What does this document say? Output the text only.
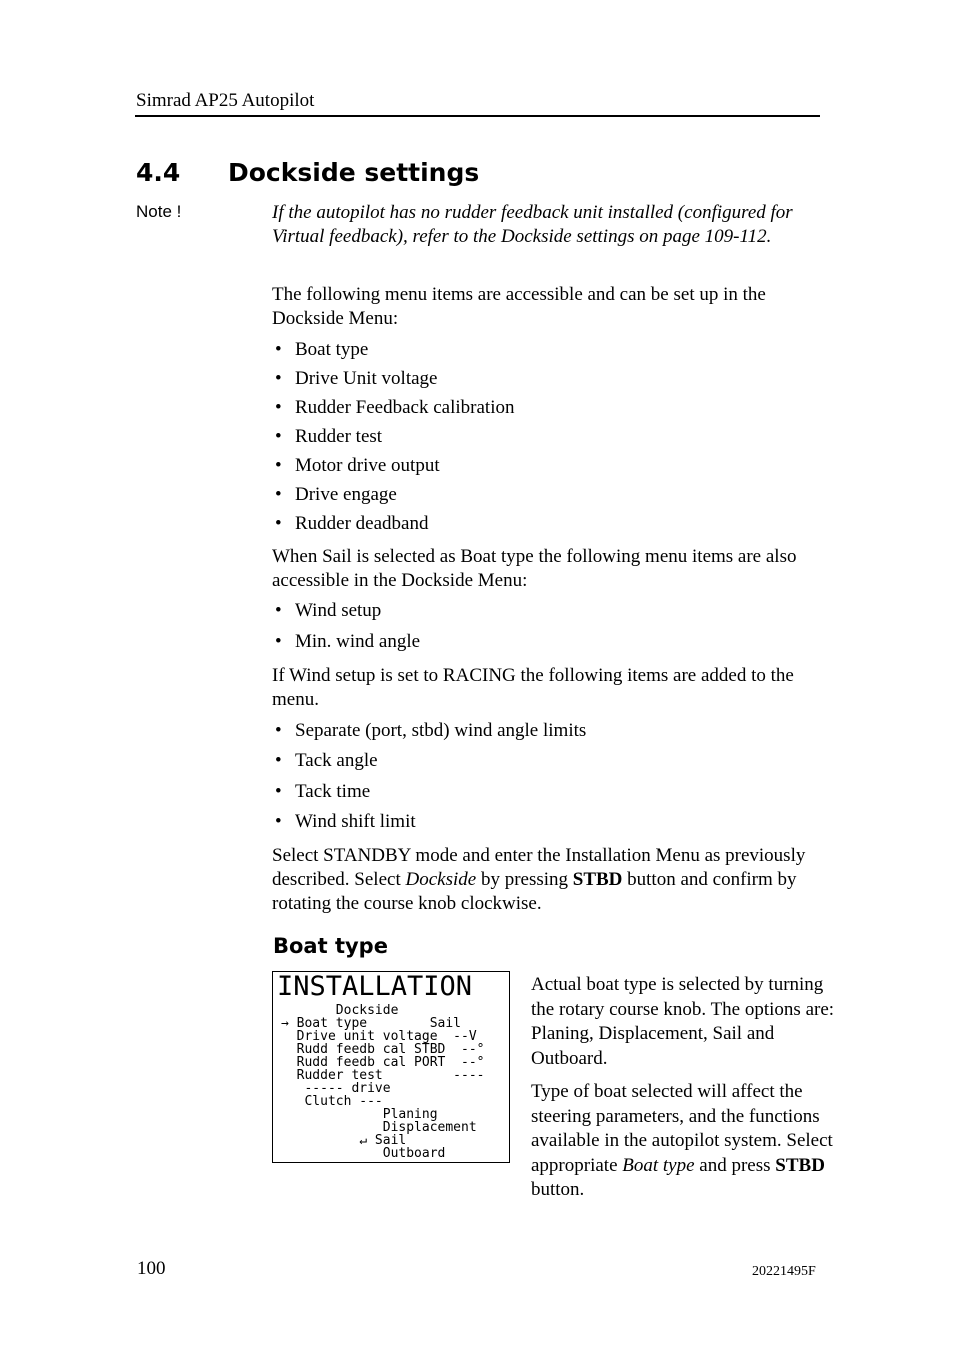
Simrad AP25 Autopilot
4.4 Dockside settings
Note !	If the autopilot has no rudder feedback unit installed (configured for Virtual feedback), refer to the Dockside settings on page 109-112.
The following menu items are accessible and can be set up in the Dockside Menu:
• Boat type
• Drive Unit voltage
• Rudder Feedback calibration
• Rudder test
• Motor drive output
• Drive engage
• Rudder deadband
When Sail is selected as Boat type the following menu items are also accessible in the Dockside Menu:
• Wind setup
• Min. wind angle
If Wind setup is set to RACING the following items are added to the menu.
• Separate (port, stbd) wind angle limits
• Tack angle
• Tack time
• Wind shift limit
Select STANDBY mode and enter the Installation Menu as previously described. Select Dockside by pressing STBD button and confirm by rotating the course knob clockwise.
Boat type
INSTALLATION
Dockside
→ Boat type        Sail
Drive unit voltage  --V
Rudd feedb cal STBD  --°
Rudd feedb cal PORT  --°
Rudder test         ----
----- drive
Clutch ---
Planing
Displacement
↵ Sail
Outboard
Actual boat type is selected by turning the rotary course knob. The options are: Planing, Displacement, Sail and Outboard.
Type of boat selected will affect the steering parameters, and the functions available in the autopilot system. Select appropriate Boat type and press STBD button.
100	20221495F
